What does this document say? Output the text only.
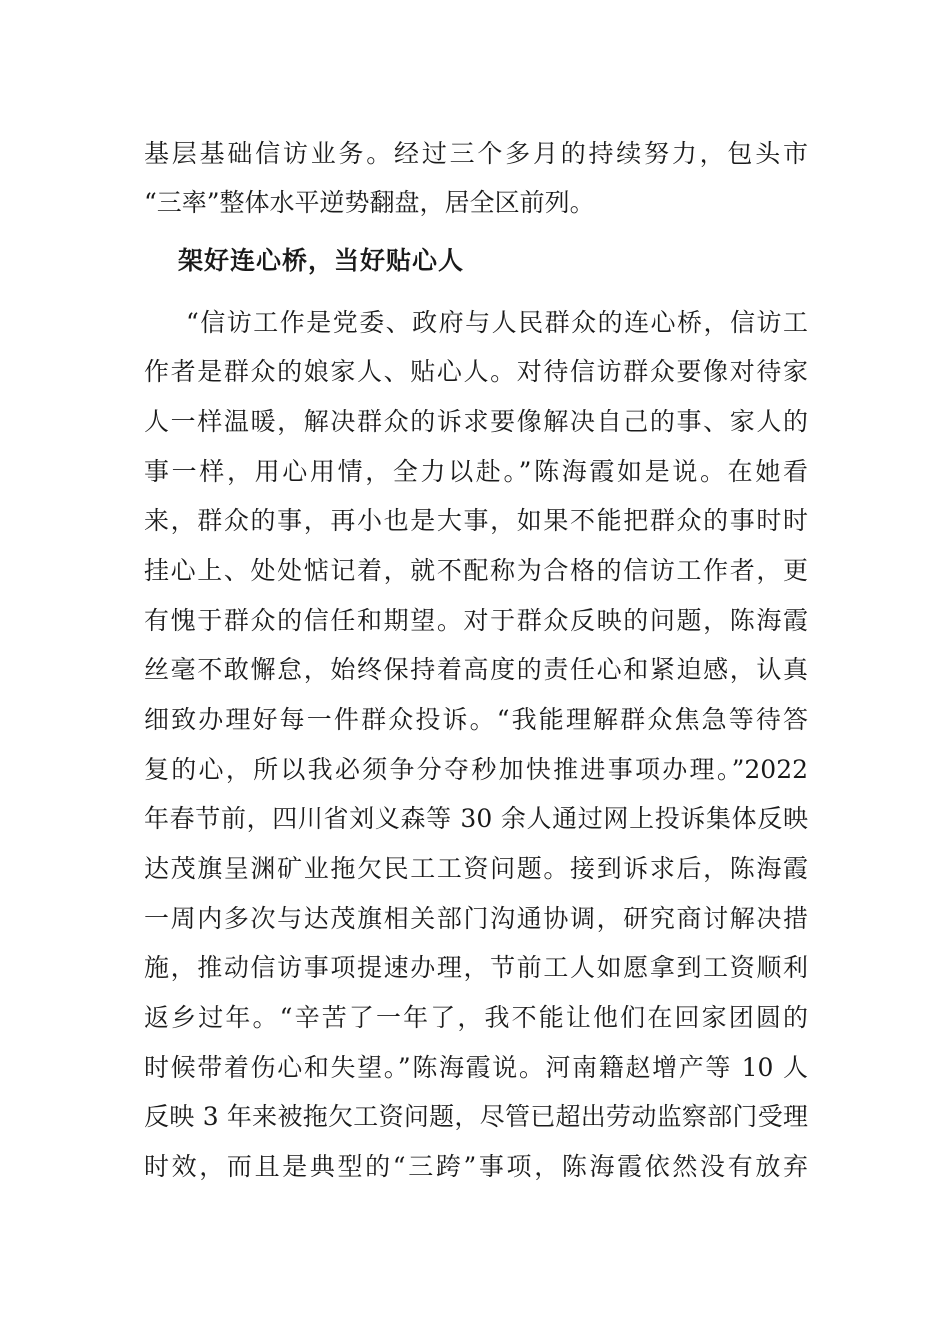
基层基础信访业务。经过三个多月的持续努力，包头市
“三率”整体水平逆势翻盘，居全区前列。
架好连心桥，当好贴心人
“信访工作是党委、政府与人民群众的连心桥，信访工
作者是群众的娘家人、贴心人。对待信访群众要像对待家
人一样温暖，解决群众的诉求要像解决自己的事、家人的
事一样，用心用情，全力以赴。”陈海霞如是说。在她看
来，群众的事，再小也是大事，如果不能把群众的事时时
挂心上、处处惦记着，就不配称为合格的信访工作者，更
有愧于群众的信任和期望。对于群众反映的问题，陈海霞
丝毫不敢懈怠，始终保持着高度的责任心和紧迫感，认真
细致办理好每一件群众投诉。“我能理解群众焦急等待答
复的心，所以我必须争分夺秒加快推进事项办理。”2022
年春节前，四川省刘义森等 30 余人通过网上投诉集体反映
达茂旗呈渊矿业拖欠民工工资问题。接到诉求后，陈海霞
一周内多次与达茂旗相关部门沟通协调，研究商讨解决措
施，推动信访事项提速办理，节前工人如愿拿到工资顺利
返乡过年。“辛苦了一年了，我不能让他们在回家团圆的
时候带着伤心和失望。”陈海霞说。河南籍赵增产等 10 人
反映 3 年来被拖欠工资问题，尽管已超出劳动监察部门受理
时效，而且是典型的“三跨”事项，陈海霞依然没有放弃
